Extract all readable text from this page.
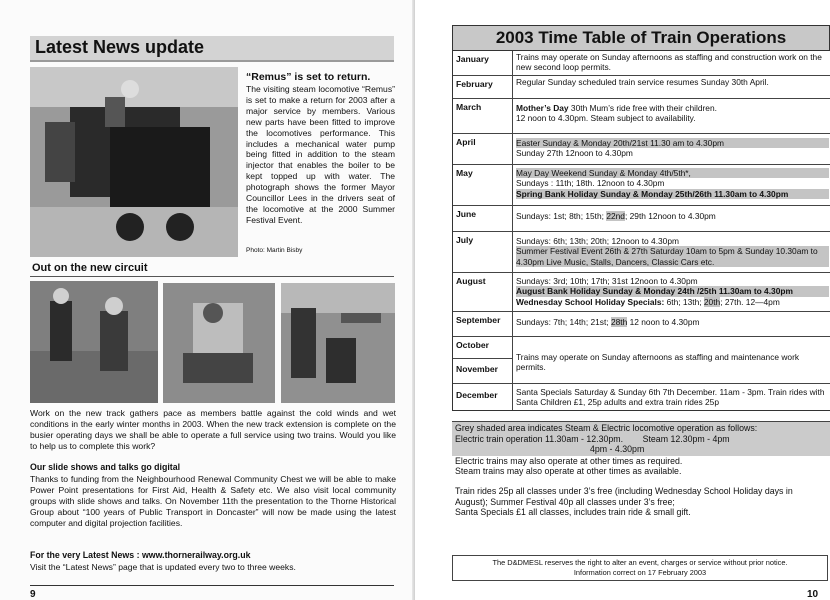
Latest News update
“Remus” is set to return.
The visiting steam locomotive “Remus” is set to make a return for 2003 after a major service by members. Various new parts have been fitted to improve the locomotives performance. This includes a mechanical water pump being fitted in addition to the steam injector that enables the boiler to be kept topped up with water. The photograph shows the former Mayor Councillor Lees in the drivers seat of the locomotive at the 2000 Summer Festival Event.
Photo: Martin Bisby
Out on the new circuit
Work on the new track gathers pace as members battle against the cold winds and wet conditions in the early winter months in 2003. When the new track extension is complete on the busier operating days we shall be able to operate a full service using two trains. Would you like to help us to complete this work?
Our slide shows and talks go digital
Thanks to funding from the Neighbourhood Renewal Community Chest we will be able to make Power Point presentations for First Aid, Health & Safety etc. We also visit local community groups with slide shows and talks. On November 11th the presentation to the Thorne Historical Group about “100 years of Public Transport in Doncaster” will now be made using the latest computer and digital projection facilities.
For the very Latest News : www.thornerailway.org.uk
Visit the “Latest News” page that is updated every two to three weeks.
9
2003 Time Table of Train Operations
January	Trains may operate on Sunday afternoons as staffing and construction work on the new second loop permits.
February	Regular Sunday scheduled train service resumes Sunday 30th April.
March	Mother’s Day 30th Mum’s ride free with their children.
12 noon to 4.30pm. Steam subject to availability.
April	Easter Sunday & Monday 20th/21st 11.30 am to 4.30pm
Sunday 27th 12noon to 4.30pm
May	May Day Weekend Sunday & Monday 4th/5th*,
Sundays : 11th; 18th. 12noon to 4.30pm
Spring Bank Holiday Sunday & Monday 25th/26th 11.30am to 4.30pm
June	Sundays: 1st; 8th; 15th; 22nd; 29th 12noon to 4.30pm
July	Sundays: 6th; 13th; 20th; 12noon to 4.30pm
Summer Festival Event 26th & 27th Saturday 10am to 5pm & Sunday 10.30am to 4.30pm Live Music, Stalls, Dancers, Classic Cars etc.
August	Sundays: 3rd; 10th; 17th; 31st 12noon to 4.30pm
August Bank Holiday Sunday & Monday 24th /25th 11.30am to 4.30pm
Wednesday School Holiday Specials: 6th; 13th; 20th; 27th. 12—4pm
September	Sundays: 7th; 14th; 21st; 28th 12 noon to 4.30pm
October
November
Trains may operate on Sunday afternoons as staffing and maintenance work permits.
December	Santa Specials Saturday & Sunday 6th 7th December. 11am - 3pm. Train rides with Santa Children £1, 25p adults and extra train rides 25p
Grey shaded area indicates Steam & Electric locomotive operation as follows:
Electric train operation 11.30am - 12.30pm.        Steam 12.30pm - 4pm
4pm - 4.30pm
Electric trains may also operate at other times as required.
Steam trains may also operate at other times as available.
Train rides 25p all classes under 3’s free (including Wednesday School Holiday days in August); Summer Festival 40p all classes under 3’s free;
Santa Specials £1 all classes, includes train ride & small gift.
The D&DMESL reserves the right to alter an event, charges or service without prior notice.
Information correct on 17 February 2003
10
